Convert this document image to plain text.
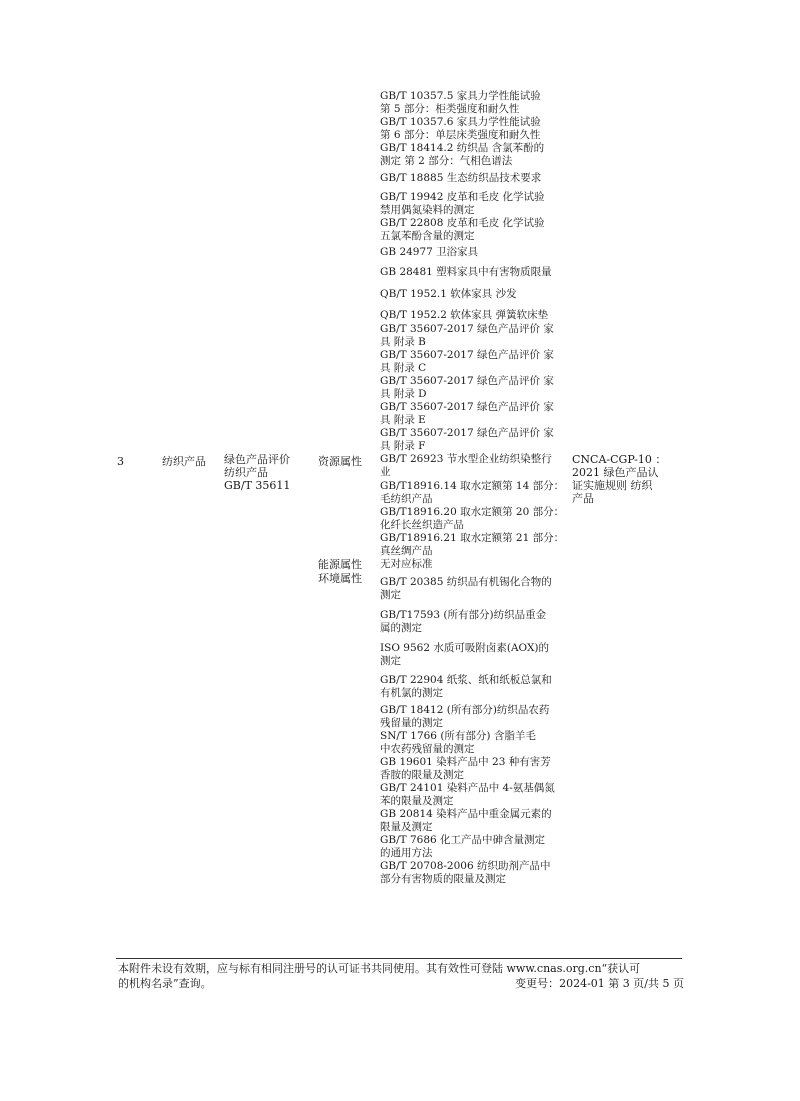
GB/T 10357.5 家具力学性能试验
第 5 部分：柜类强度和耐久性
GB/T 10357.6 家具力学性能试验
第 6 部分：单层床类强度和耐久性
GB/T 18414.2 纺织品 含氯苯酚的
测定 第 2 部分：气相色谱法
GB/T 18885 生态纺织品技术要求
GB/T 19942 皮革和毛皮 化学试验
禁用偶氮染料的测定
GB/T 22808 皮革和毛皮 化学试验
五氯苯酚含量的测定
GB 24977 卫浴家具
GB 28481 塑料家具中有害物质限量
QB/T 1952.1 软体家具 沙发
QB/T 1952.2 软体家具 弹簧软床垫
GB/T 35607-2017 绿色产品评价 家
具 附录 B
GB/T 35607-2017 绿色产品评价 家
具 附录 C
GB/T 35607-2017 绿色产品评价 家
具 附录 D
GB/T 35607-2017 绿色产品评价 家
具 附录 E
GB/T 35607-2017 绿色产品评价 家
具 附录 F
3	纺织产品 绿色产品评价
纺织产品
GB/T 35611
资源属性
能源属性
环境属性
CNCA-CGP-10 ：
2021 绿色产品认
证实施规则 纺织
产品
GB/T 26923 节水型企业纺织染整行
业
GB/T18916.14 取水定额第 14 部分：
毛纺织产品
GB/T18916.20 取水定额第 20 部分：
化纤长丝织造产品
GB/T18916.21 取水定额第 21 部分：
真丝绸产品
无对应标准
GB/T 20385 纺织品有机锡化合物的
测定
GB/T17593 (所有部分)纺织品重金
属的测定
ISO 9562 水质可吸附卤素(AOX)的
测定
GB/T 22904 纸浆、纸和纸板总氯和
有机氯的测定
GB/T 18412 (所有部分)纺织品农药
残留量的测定
SN/T 1766 (所有部分) 含脂羊毛
中农药残留量的测定
GB 19601 染料产品中 23 种有害芳
香胺的限量及测定
GB/T 24101 染料产品中 4-氨基偶氮
苯的限量及测定
GB 20814 染料产品中重金属元素的
限量及测定
GB/T 7686 化工产品中砷含量测定
的通用方法
GB/T 20708-2006 纺织助剂产品中
部分有害物质的限量及测定
本附件未设有效期，应与标有相同注册号的认可证书共同使用。其有效性可登陆 www.cnas.org.cn“获认可
的机构名录”查询。	变更号：2024-01 第 3 页/共 5 页
